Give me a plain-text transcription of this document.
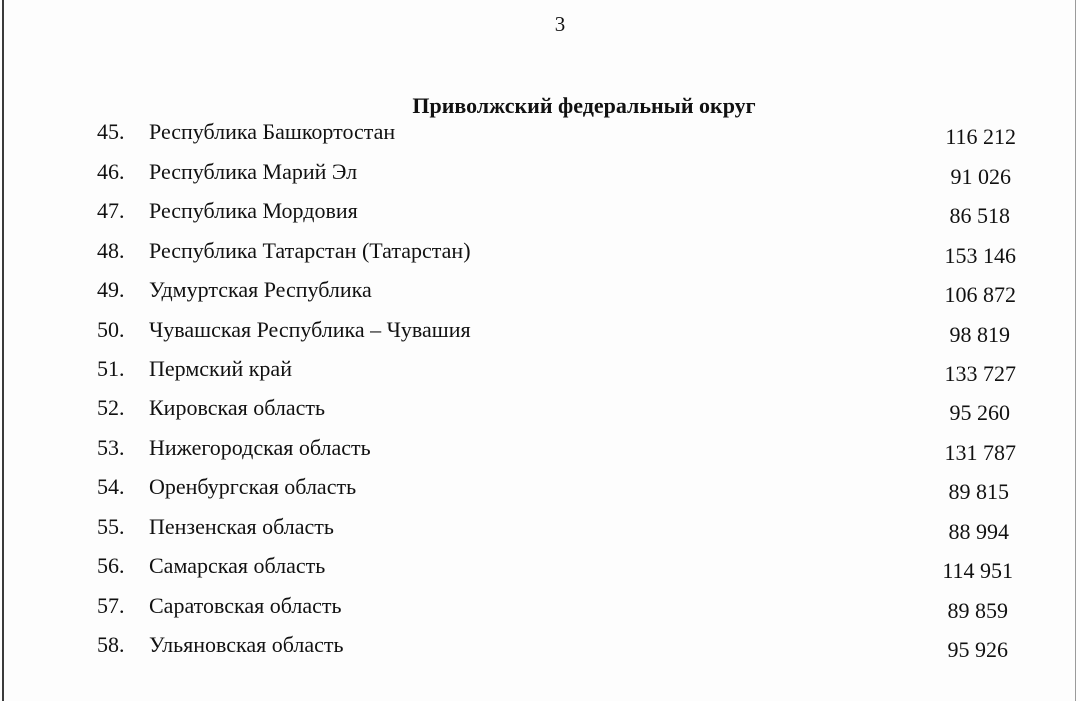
3
Приволжский федеральный округ
45. Республика Башкортостан	116 212
46. Республика Марий Эл	91 026
47. Республика Мордовия	86 518
48. Республика Татарстан (Татарстан)	153 146
49. Удмуртская Республика	106 872
50. Чувашская Республика – Чувашия	98 819
51. Пермский край	133 727
52. Кировская область	95 260
53. Нижегородская область	131 787
54. Оренбургская область	89 815
55. Пензенская область	88 994
56. Самарская область	114 951
57. Саратовская область	89 859
58. Ульяновская область	95 926
